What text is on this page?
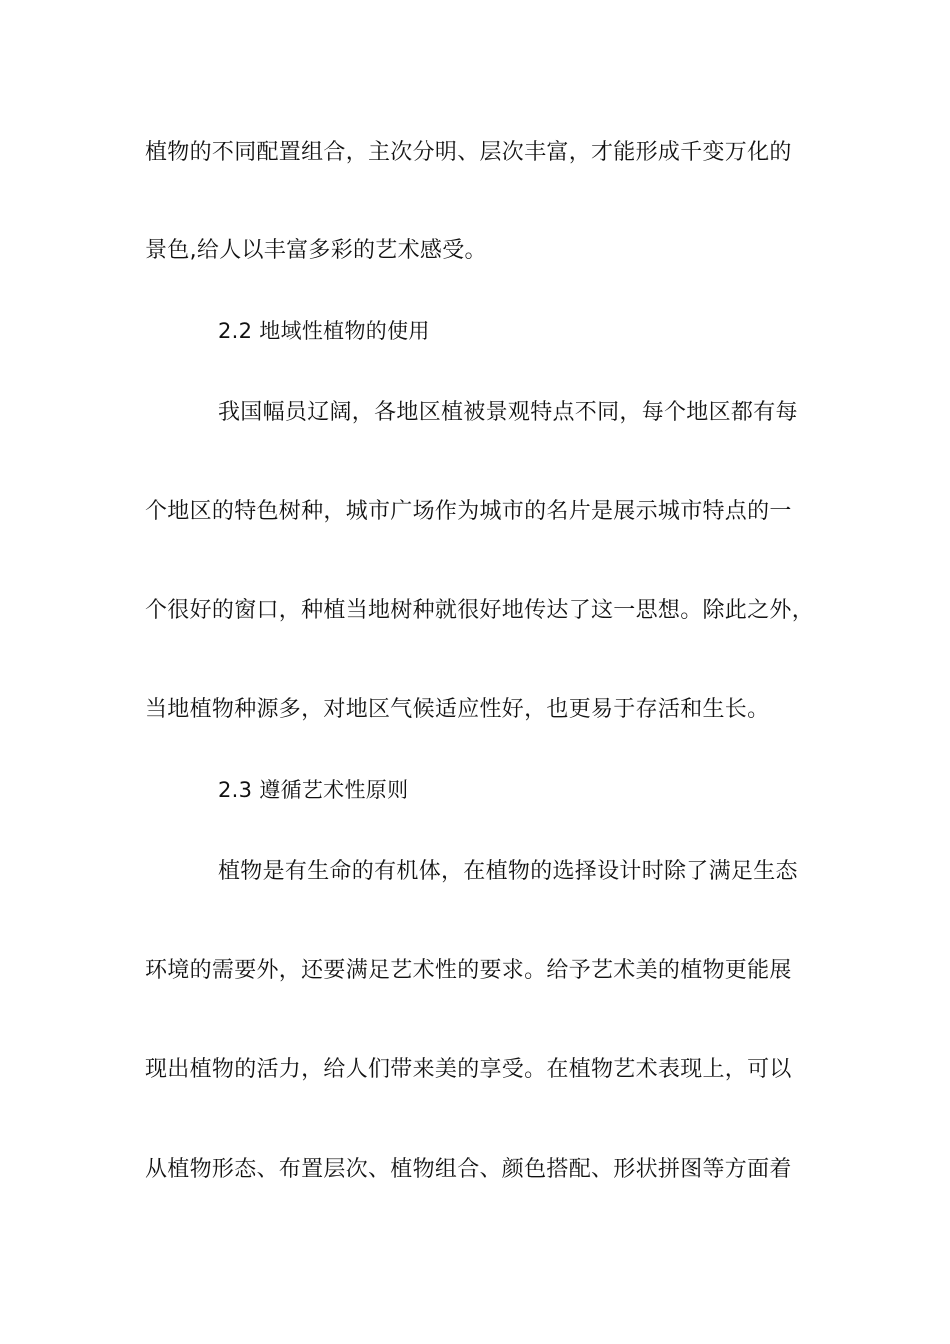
植物的不同配置组合，主次分明、层次丰富，才能形成千变万化的
景色,给人以丰富多彩的艺术感受。
2.2 地域性植物的使用
我国幅员辽阔，各地区植被景观特点不同，每个地区都有每
个地区的特色树种，城市广场作为城市的名片是展示城市特点的一
个很好的窗口，种植当地树种就很好地传达了这一思想。除此之外，
当地植物种源多，对地区气候适应性好，也更易于存活和生长。
2.3 遵循艺术性原则
植物是有生命的有机体，在植物的选择设计时除了满足生态
环境的需要外，还要满足艺术性的要求。给予艺术美的植物更能展
现出植物的活力，给人们带来美的享受。在植物艺术表现上，可以
从植物形态、布置层次、植物组合、颜色搭配、形状拼图等方面着
